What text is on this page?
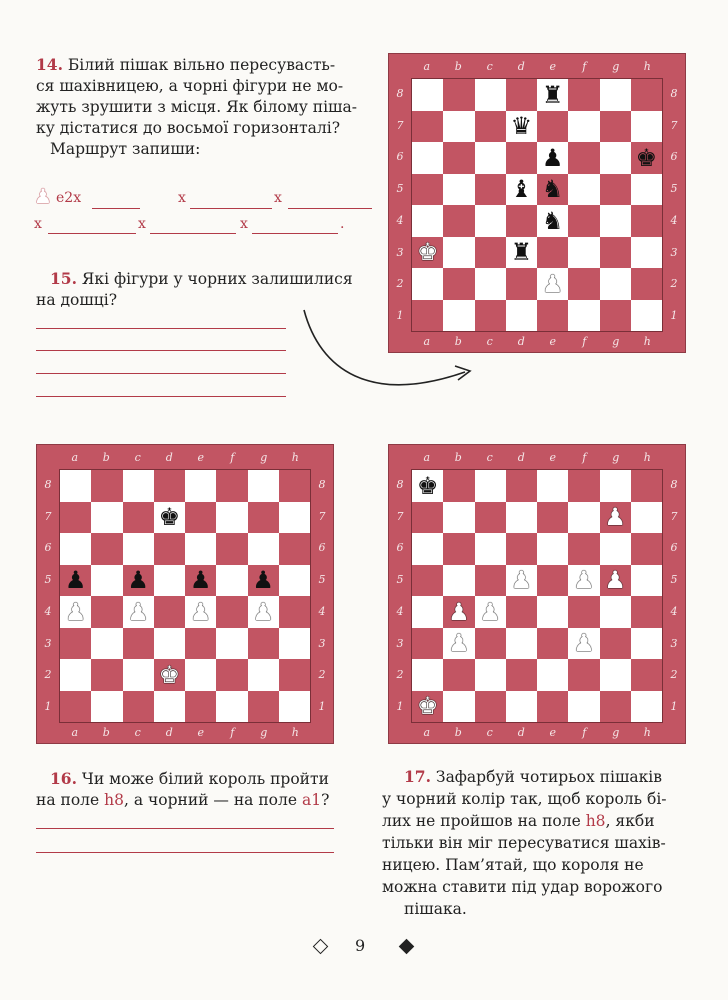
14. Білий пішак вільно пересувасть-
ся шахівницею, а чорні фігури не мо-
жуть зрушити з місця. Як білому піша-
ку дістатися до восьмої горизонталі?
Маршрут запиши:
♟ e2x	x	x
x	x	x	.
15. Які фігури у чорних залишилися
на дошці?
a	b	c	d	e	f	g	h
a	b	c	d	e	f	g	h
8
7
6
5
4
3
2
1
8
7
6
5
4
3
2
1
♜
♛
♟	♚
♝ ♞
♞
♚	♜
♟
a	b	c	d	e	f	g	h
a	b	c	d	e	f	g	h
8
7
6
5
4
3
2
1
8
7
6
5
4
3
2
1
♚
♟ ♟ ♟ ♟
♟ ♟ ♟ ♟
♚
a	b	c	d	e	f	g	h
a	b	c	d	e	f	g	h
8
7
6
5
4
3
2
1
8
7
6
5
4
3
2
1
♚
♟
♟ ♟ ♟
♟ ♟
♟	♟
♚
16. Чи може білий король пройти
на поле h8, а чорний — на поле a1?
17. Зафарбуй чотирьох пішаків
у чорний колір так, щоб король бі-
лих не пройшов на поле h8, якби
тільки він міг пересуватися шахів-
ницею. Пам’ятай, що короля не
можна ставити під удар ворожого
пішака.
9
